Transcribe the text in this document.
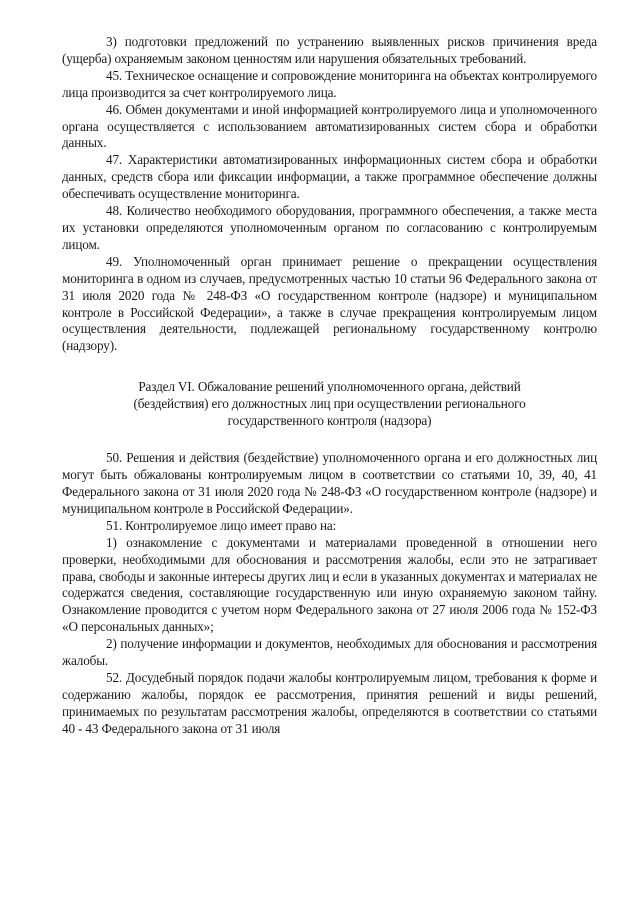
3) подготовки предложений по устранению выявленных рисков причинения вреда (ущерба) охраняемым законом ценностям или нарушения обязательных требований.

45. Техническое оснащение и сопровождение мониторинга на объектах контролируемого лица производится за счет контролируемого лица.

46. Обмен документами и иной информацией контролируемого лица и уполномоченного органа осуществляется с использованием автоматизированных систем сбора и обработки данных.

47. Характеристики автоматизированных информационных систем сбора и обработки данных, средств сбора или фиксации информации, а также программное обеспечение должны обеспечивать осуществление мониторинга.

48. Количество необходимого оборудования, программного обеспечения, а также места их установки определяются уполномоченным органом по согласованию с контролируемым лицом.

49. Уполномоченный орган принимает решение о прекращении осуществления мониторинга в одном из случаев, предусмотренных частью 10 статьи 96 Федерального закона от 31 июля 2020 года № 248-ФЗ «О государственном контроле (надзоре) и муниципальном контроле в Российской Федерации», а также в случае прекращения контролируемым лицом осуществления деятельности, подлежащей региональному государственному контролю (надзору).

Раздел VI. Обжалование решений уполномоченного органа, действий
(бездействия) его должностных лиц при осуществлении регионального
государственного контроля (надзора)

50. Решения и действия (бездействие) уполномоченного органа и его должностных лиц могут быть обжалованы контролируемым лицом в соответствии со статьями 10, 39, 40, 41 Федерального закона от 31 июля 2020 года № 248-ФЗ «О государственном контроле (надзоре) и муниципальном контроле в Российской Федерации».

51. Контролируемое лицо имеет право на:

1) ознакомление с документами и материалами проведенной в отношении него проверки, необходимыми для обоснования и рассмотрения жалобы, если это не затрагивает права, свободы и законные интересы других лиц и если в указанных документах и материалах не содержатся сведения, составляющие государственную или иную охраняемую законом тайну. Ознакомление проводится с учетом норм Федерального закона от 27 июля 2006 года № 152-ФЗ «О персональных данных»;

2) получение информации и документов, необходимых для обоснования и рассмотрения жалобы.

52. Досудебный порядок подачи жалобы контролируемым лицом, требования к форме и содержанию жалобы, порядок ее рассмотрения, принятия решений и виды решений, принимаемых по результатам рассмотрения жалобы, определяются в соответствии со статьями 40 - 43 Федерального закона от 31 июля
